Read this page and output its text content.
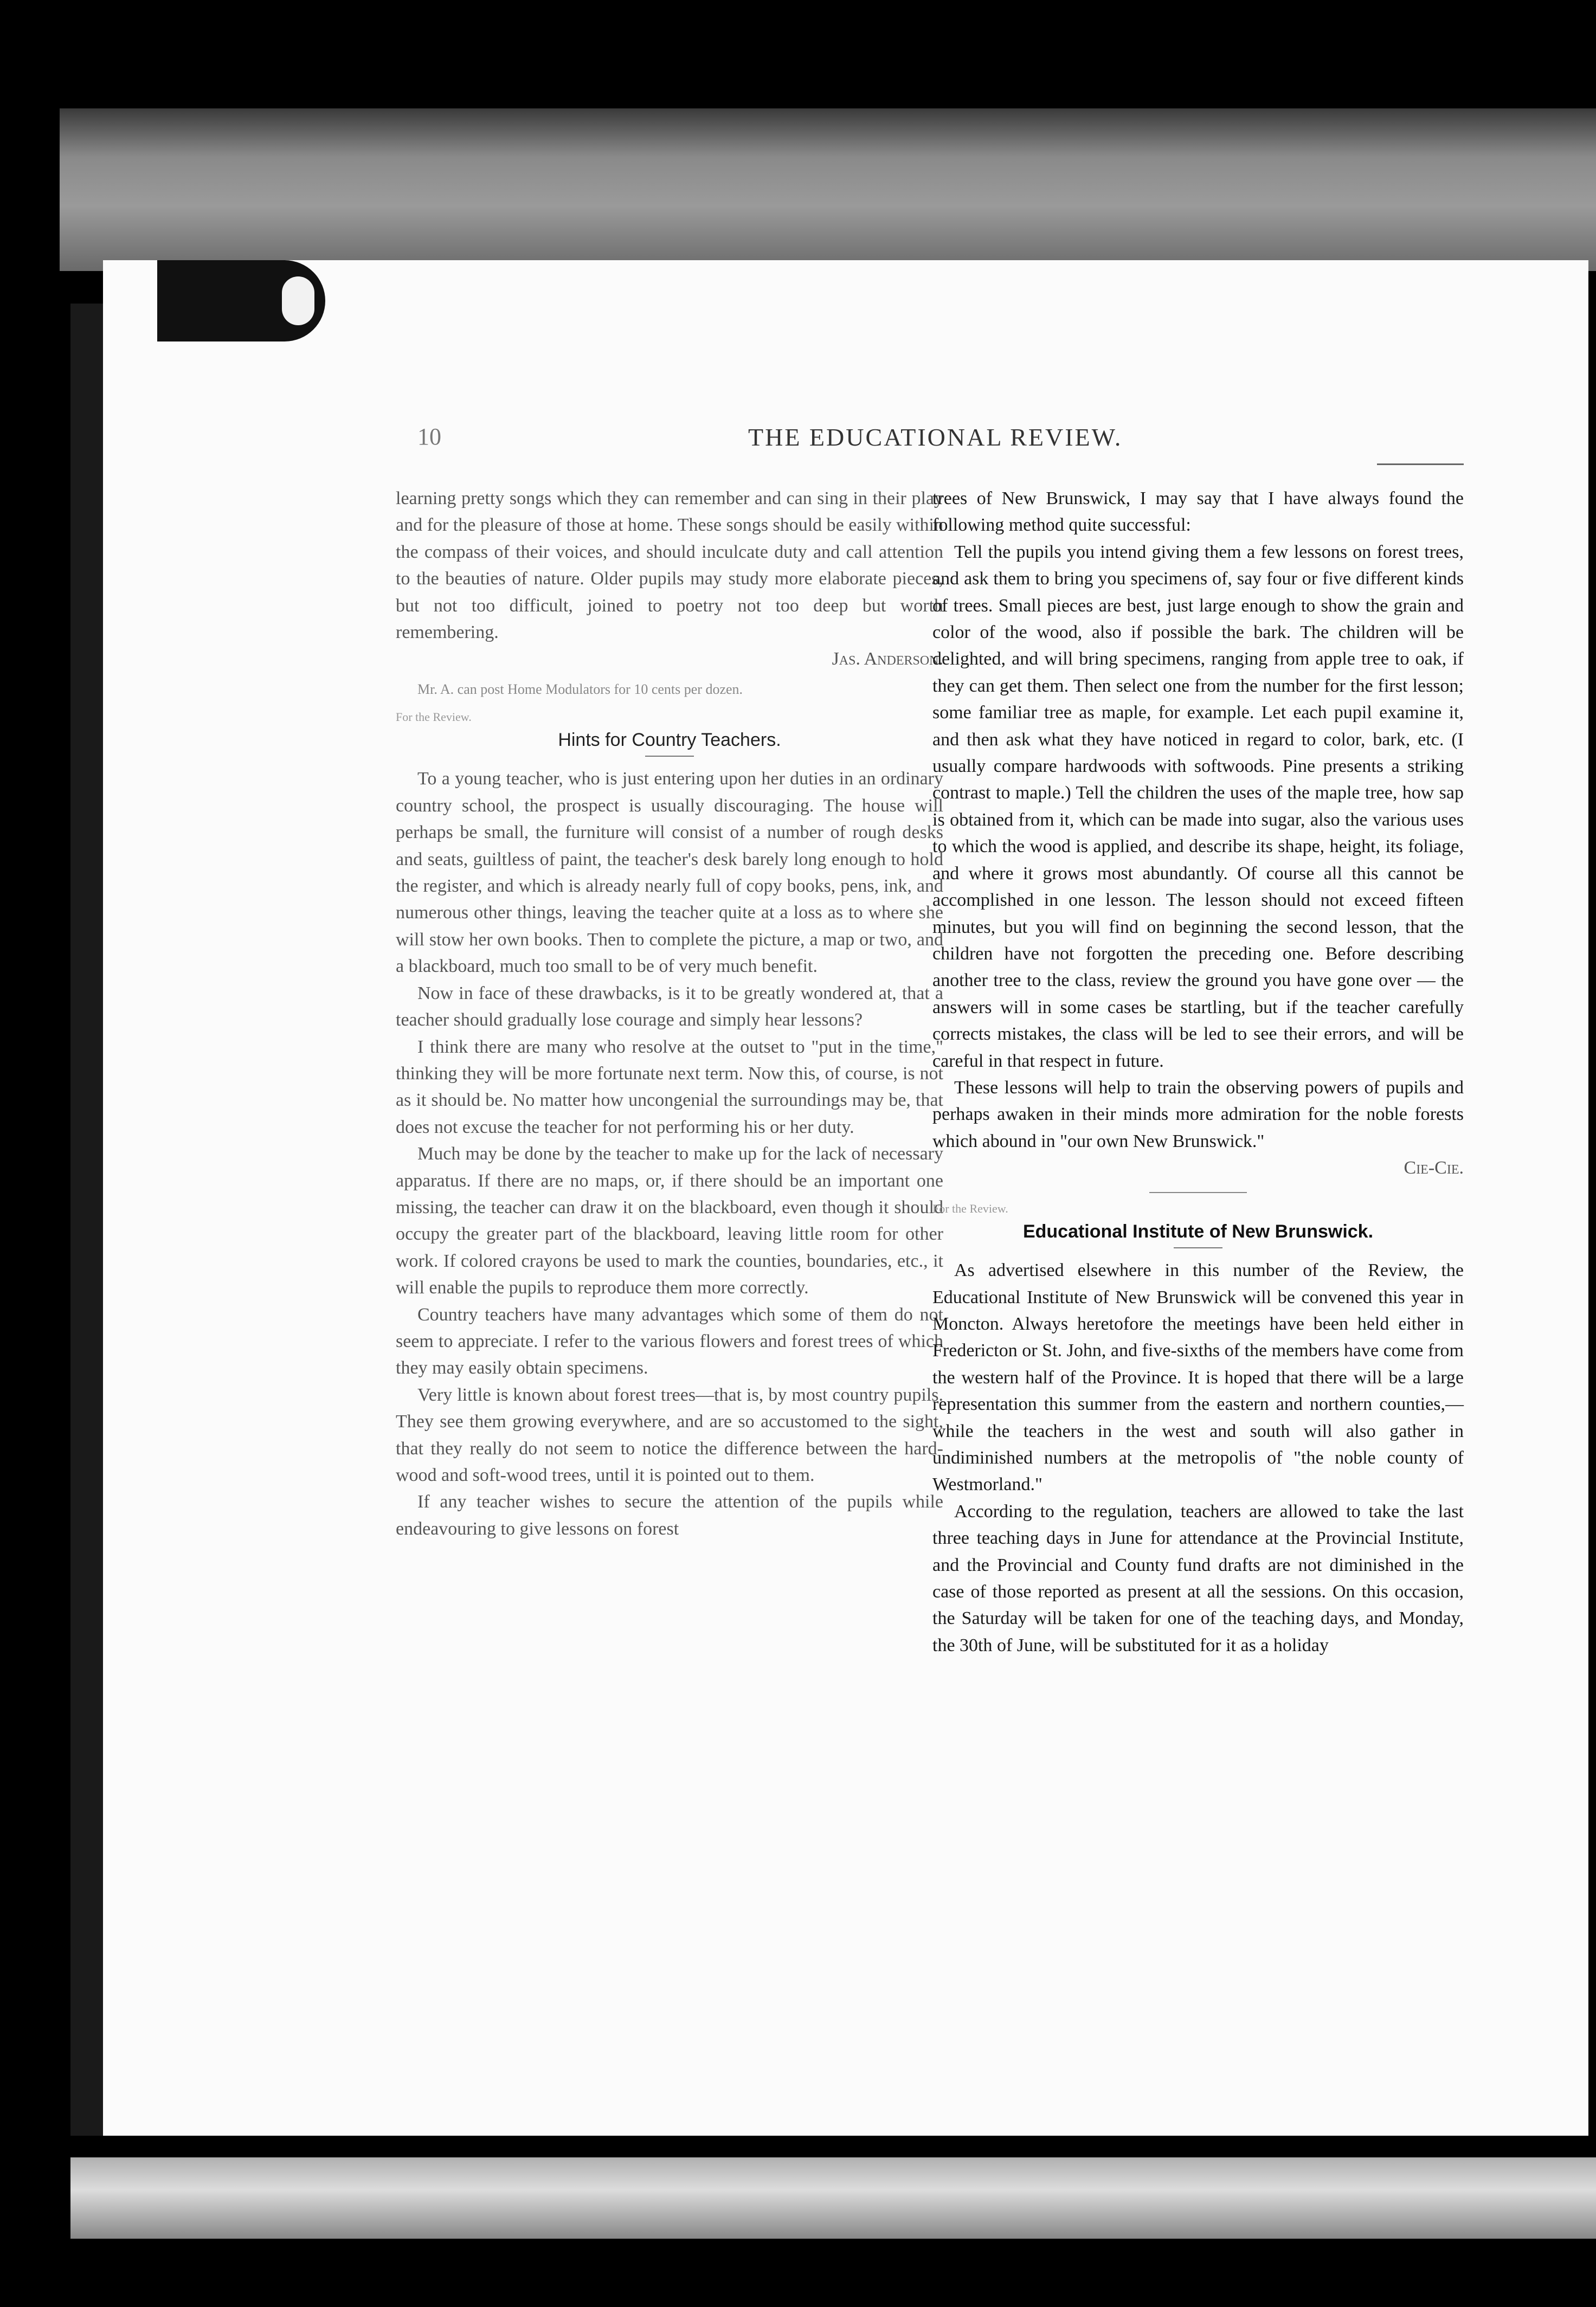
10	THE EDUCATIONAL REVIEW.

learning pretty songs which they can remember and can sing in their play and for the pleasure of those at home. These songs should be easily within the compass of their voices, and should inculcate duty and call attention to the beauties of nature. Older pupils may study more elaborate pieces, but not too difficult, joined to poetry not too deep but worth remembering.

Jas. Anderson.

Mr. A. can post Home Modulators for 10 cents per dozen.

For the Review.

Hints for Country Teachers.

To a young teacher, who is just entering upon her duties in an ordinary country school, the prospect is usually discouraging. The house will perhaps be small, the furniture will consist of a number of rough desks and seats, guiltless of paint, the teacher's desk barely long enough to hold the register, and which is already nearly full of copy books, pens, ink, and numerous other things, leaving the teacher quite at a loss as to where she will stow her own books. Then to complete the picture, a map or two, and a blackboard, much too small to be of very much benefit.

Now in face of these drawbacks, is it to be greatly wondered at, that a teacher should gradually lose courage and simply hear lessons?

I think there are many who resolve at the outset to "put in the time," thinking they will be more fortunate next term. Now this, of course, is not as it should be. No matter how uncongenial the surroundings may be, that does not excuse the teacher for not performing his or her duty.

Much may be done by the teacher to make up for the lack of necessary apparatus. If there are no maps, or, if there should be an important one missing, the teacher can draw it on the blackboard, even though it should occupy the greater part of the blackboard, leaving little room for other work. If colored crayons be used to mark the counties, boundaries, etc., it will enable the pupils to reproduce them more correctly.

Country teachers have many advantages which some of them do not seem to appreciate. I refer to the various flowers and forest trees of which they may easily obtain specimens.

Very little is known about forest trees—that is, by most country pupils. They see them growing everywhere, and are so accustomed to the sight, that they really do not seem to notice the difference between the hard-wood and soft-wood trees, until it is pointed out to them.

If any teacher wishes to secure the attention of the pupils while endeavouring to give lessons on forest

trees of New Brunswick, I may say that I have always found the following method quite successful:

Tell the pupils you intend giving them a few lessons on forest trees, and ask them to bring you specimens of, say four or five different kinds of trees. Small pieces are best, just large enough to show the grain and color of the wood, also if possible the bark. The children will be delighted, and will bring specimens, ranging from apple tree to oak, if they can get them. Then select one from the number for the first lesson; some familiar tree as maple, for example. Let each pupil examine it, and then ask what they have noticed in regard to color, bark, etc. (I usually compare hardwoods with softwoods. Pine presents a striking contrast to maple.) Tell the children the uses of the maple tree, how sap is obtained from it, which can be made into sugar, also the various uses to which the wood is applied, and describe its shape, height, its foliage, and where it grows most abundantly. Of course all this cannot be accomplished in one lesson. The lesson should not exceed fifteen minutes, but you will find on beginning the second lesson, that the children have not forgotten the preceding one. Before describing another tree to the class, review the ground you have gone over — the answers will in some cases be startling, but if the teacher carefully corrects mistakes, the class will be led to see their errors, and will be careful in that respect in future.

These lessons will help to train the observing powers of pupils and perhaps awaken in their minds more admiration for the noble forests which abound in "our own New Brunswick."

Cie-Cie.

For the Review.

Educational Institute of New Brunswick.

As advertised elsewhere in this number of the Review, the Educational Institute of New Brunswick will be convened this year in Moncton. Always heretofore the meetings have been held either in Fredericton or St. John, and five-sixths of the members have come from the western half of the Province. It is hoped that there will be a large representation this summer from the eastern and northern counties,—while the teachers in the west and south will also gather in undiminished numbers at the metropolis of "the noble county of Westmorland."

According to the regulation, teachers are allowed to take the last three teaching days in June for attendance at the Provincial Institute, and the Provincial and County fund drafts are not diminished in the case of those reported as present at all the sessions. On this occasion, the Saturday will be taken for one of the teaching days, and Monday, the 30th of June, will be substituted for it as a holiday
